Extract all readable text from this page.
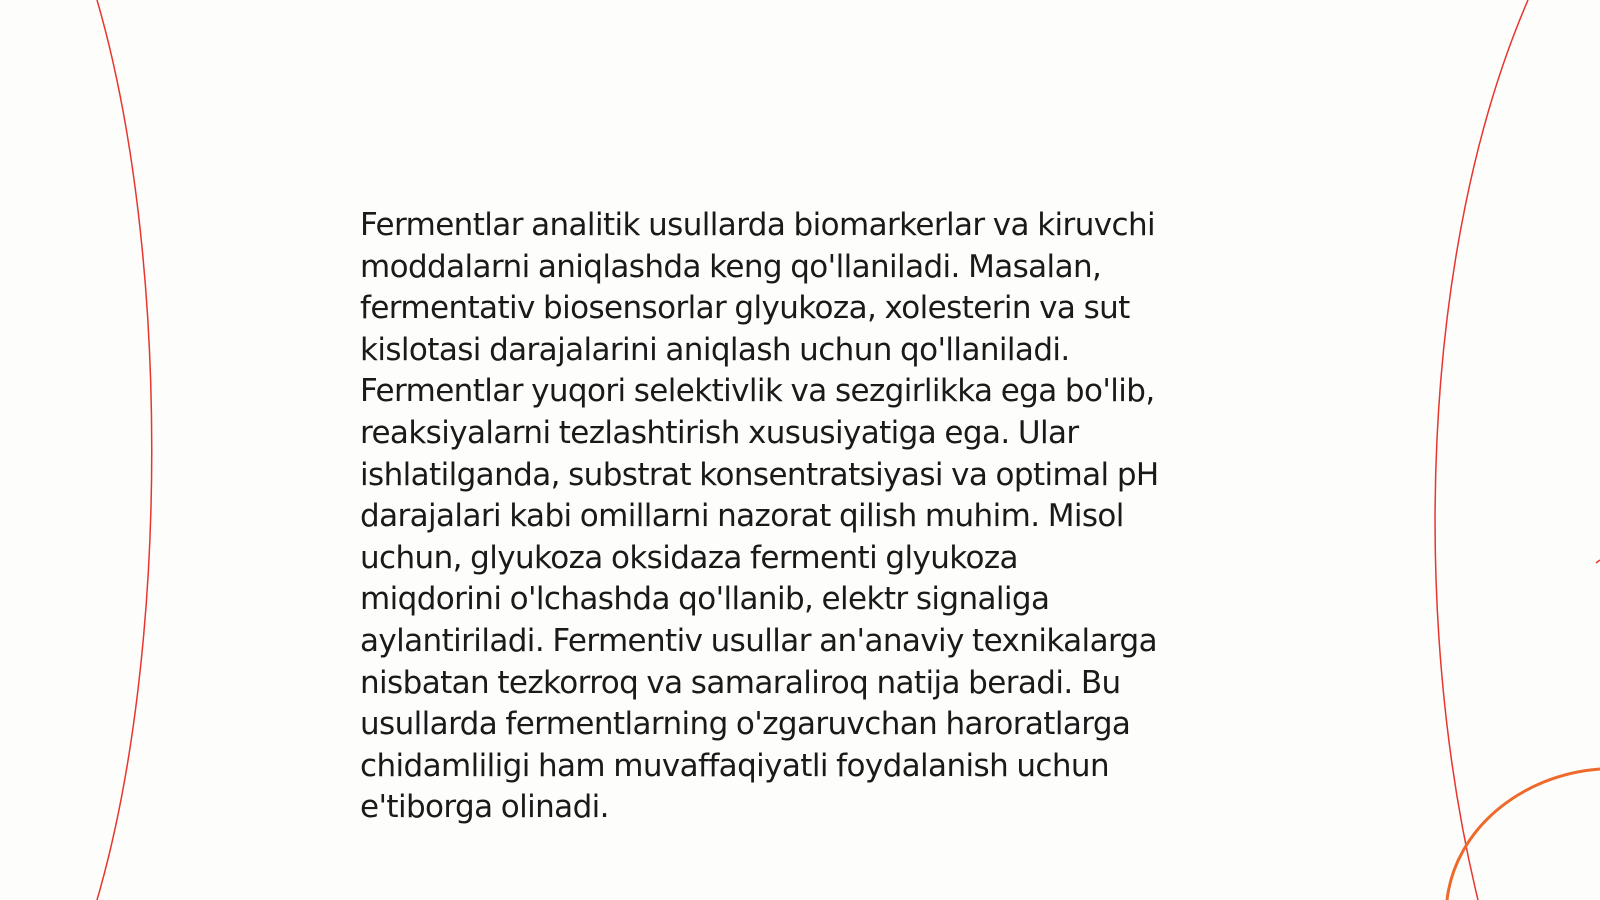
Fermentlar analitik usullarda biomarkerlar va kiruvchi
moddalarni aniqlashda keng qo'llaniladi. Masalan,
fermentativ biosensorlar glyukoza, xolesterin va sut
kislotasi darajalarini aniqlash uchun qo'llaniladi.
Fermentlar yuqori selektivlik va sezgirlikka ega bo'lib,
reaksiyalarni tezlashtirish xususiyatiga ega. Ular
ishlatilganda, substrat konsentratsiyasi va optimal pH
darajalari kabi omillarni nazorat qilish muhim. Misol
uchun, glyukoza oksidaza fermenti glyukoza
miqdorini o'lchashda qo'llanib, elektr signaliga
aylantiriladi. Fermentiv usullar an'anaviy texnikalarga
nisbatan tezkorroq va samaraliroq natija beradi. Bu
usullarda fermentlarning o'zgaruvchan haroratlarga
chidamliligi ham muvaffaqiyatli foydalanish uchun
e'tiborga olinadi.
